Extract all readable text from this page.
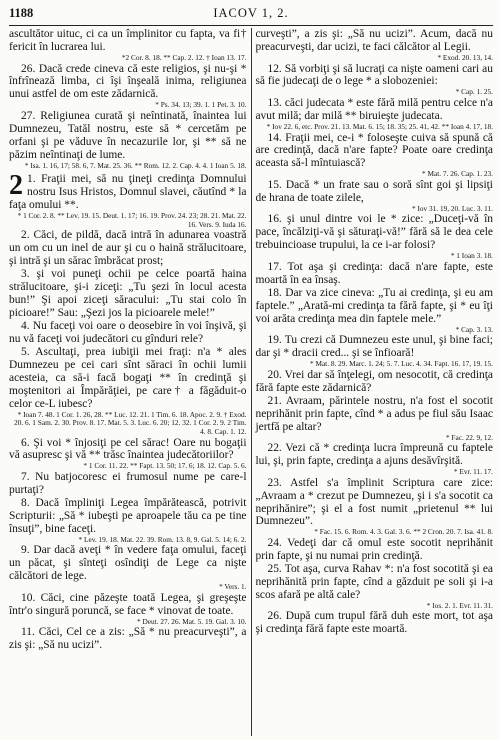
1188	IACOV 1, 2.

ascultător uituc, ci ca un împlinitor cu fapta, va fi† fericit în lucrarea lui.

*2 Cor. 8. 18. ** Cap. 2. 12. † Ioan 13. 17.

26. Dacă crede cineva că este religios, şi nu-şi * înfrînează limba, ci îşi înşeală inima, religiunea unui astfel de om este zădarnică.

* Ps. 34. 13; 39. 1. 1 Pet. 3. 10.

27. Religiunea curată şi neîntinată, înaintea lui Dumnezeu, Tatăl nostru, este să * cercetăm pe orfani şi pe văduve în necazurile lor, şi ** să ne păzim neîntinaţi de lume.

* Isa. 1. 16, 17; 58. 6, 7. Mat. 25. 36. ** Rom. 12. 2. Cap. 4. 4. 1 Ioan 5. 18.

2 1. Fraţii mei, să nu ţineţi credinţa Domnului nostru Isus Hristos, Domnul slavei, căutînd * la faţa omului **.

* 1 Cor. 2. 8. ** Lev. 19. 15. Deut. 1. 17; 16. 19. Prov. 24. 23; 28. 21. Mat. 22. 16. Vers. 9. Iuda 16.

2. Căci, de pildă, dacă intră în adunarea voastră un om cu un inel de aur şi cu o haină strălucitoare, şi intră şi un sărac îmbrăcat prost;

3. şi voi puneţi ochii pe celce poartă haina strălucitoare, şi-i ziceţi: „Tu şezi în locul acesta bun!” Şi apoi ziceţi săracului: „Tu stai colo în picioare!” Sau: „Şezi jos la picioarele mele!”

4. Nu faceţi voi oare o deosebire în voi înşivă, şi nu vă faceţi voi judecători cu gînduri rele?

5. Ascultaţi, prea iubiţii mei fraţi: n'a * ales Dumnezeu pe cei cari sînt săraci în ochii lumii acesteia, ca să-i facă bogaţi ** în credinţă şi moştenitori ai Împărăţiei, pe care† a făgăduit-o celor ce-L iubesc?

* Ioan 7. 48. 1 Cor. 1. 26, 28. ** Luc. 12. 21. 1 Tim. 6. 18. Apoc. 2. 9. † Exod. 20. 6. 1 Sam. 2. 30. Prov. 8. 17. Mat. 5. 3. Luc. 6. 20; 12. 32. 1 Cor. 2. 9. 2 Tim. 4. 8. Cap. 1. 12.

6. Şi voi * înjosiţi pe cel sărac! Oare nu bogaţii vă asupresc şi vă ** trăsc înaintea judecătoriilor?

* 1 Cor. 11. 22. ** Fapt. 13. 50; 17. 6; 18. 12. Cap. 5. 6.

7. Nu batjocoresc ei frumosul nume pe care-l purtaţi?

8. Dacă împliniţi Legea împărătească, potrivit Scripturii: „Să * iubeşti pe aproapele tău ca pe tine însuţi”, bine faceţi.

* Lev. 19. 18. Mat. 22. 39. Rom. 13. 8, 9. Gal. 5. 14; 6. 2.

9. Dar dacă aveţi * în vedere faţa omului, faceţi un păcat, şi sînteţi osîndiţi de Lege ca nişte călcători de lege.

* Vers. 1.

10. Căci, cine păzeşte toată Legea, şi greşeşte într'o singură poruncă, se face * vinovat de toate.

* Deut. 27. 26. Mat. 5. 19. Gal. 3. 10.

11. Căci, Cel ce a zis: „Să * nu preacurveşti”, a zis şi: „Să nu ucizi”.

curveşti”, a zis şi: „Să nu ucizi”. Acum, dacă nu preacurveşti, dar ucizi, te faci călcător al Legii.

* Exod. 20. 13, 14.

12. Să vorbiţi şi să lucraţi ca nişte oameni cari au să fie judecaţi de o lege * a slobozeniei:

* Cap. 1. 25.

13. căci judecata * este fără milă pentru celce n'a avut milă; dar milă ** biruieşte judecata.

* Iov 22. 6, etc. Prov. 21. 13. Mat. 6. 15; 18. 35; 25. 41, 42. ** Ioan 4. 17, 18.

14. Fraţii mei, ce-i * foloseşte cuiva să spună că are credinţă, dacă n'are fapte? Poate oare credinţa aceasta să-l mîntuiască?

* Mat. 7. 26. Cap. 1. 23.

15. Dacă * un frate sau o soră sînt goi şi lipsiţi de hrana de toate zilele,

* Iov 31. 19, 20. Luc. 3. 11.

16. şi unul dintre voi le * zice: „Duceţi-vă în pace, încălziţi-vă şi săturaţi-vă!” fără să le dea cele trebuincioase trupului, la ce i-ar folosi?

* 1 Ioan 3. 18.

17. Tot aşa şi credinţa: dacă n'are fapte, este moartă în ea însaş.

18. Dar va zice cineva: „Tu ai credinţa, şi eu am faptele.” „Arată-mi credinţa ta fără fapte, şi * eu îţi voi arăta credinţa mea din faptele mele.”

* Cap. 3. 13.

19. Tu crezi că Dumnezeu este unul, şi bine faci; dar şi * dracii cred... şi se înfioară!

* Mat. 8. 29. Marc. 1. 24; 5. 7. Luc. 4. 34. Fapt. 16. 17, 19. 15.

20. Vrei dar să înţelegi, om nesocotit, că credinţa fără fapte este zădarnică?

21. Avraam, părintele nostru, n'a fost el socotit neprihănit prin fapte, cînd * a adus pe fiul său Isaac jertfă pe altar?

* Fac. 22. 9, 12.

22. Vezi că * credinţa lucra împreună cu faptele lui, şi, prin fapte, credinţa a ajuns desăvîrşită.

* Evr. 11. 17.

23. Astfel s'a împlinit Scriptura care zice: „Avraam a * crezut pe Dumnezeu, şi i s'a socotit ca neprihănire”; şi el a fost numit „prietenul ** lui Dumnezeu”.

* Fac. 15. 6. Rom. 4. 3. Gal. 3. 6. ** 2 Cron. 20. 7. Isa. 41. 8.

24. Vedeţi dar că omul este socotit neprihănit prin fapte, şi nu numai prin credinţă.

25. Tot aşa, curva Rahav *: n'a fost socotită şi ea neprihănită prin fapte, cînd a găzduit pe soli şi i-a scos afară pe altă cale?

* Ios. 2. 1. Evr. 11. 31.

26. După cum trupul fără duh este mort, tot aşa şi credinţa fără fapte este moartă.
